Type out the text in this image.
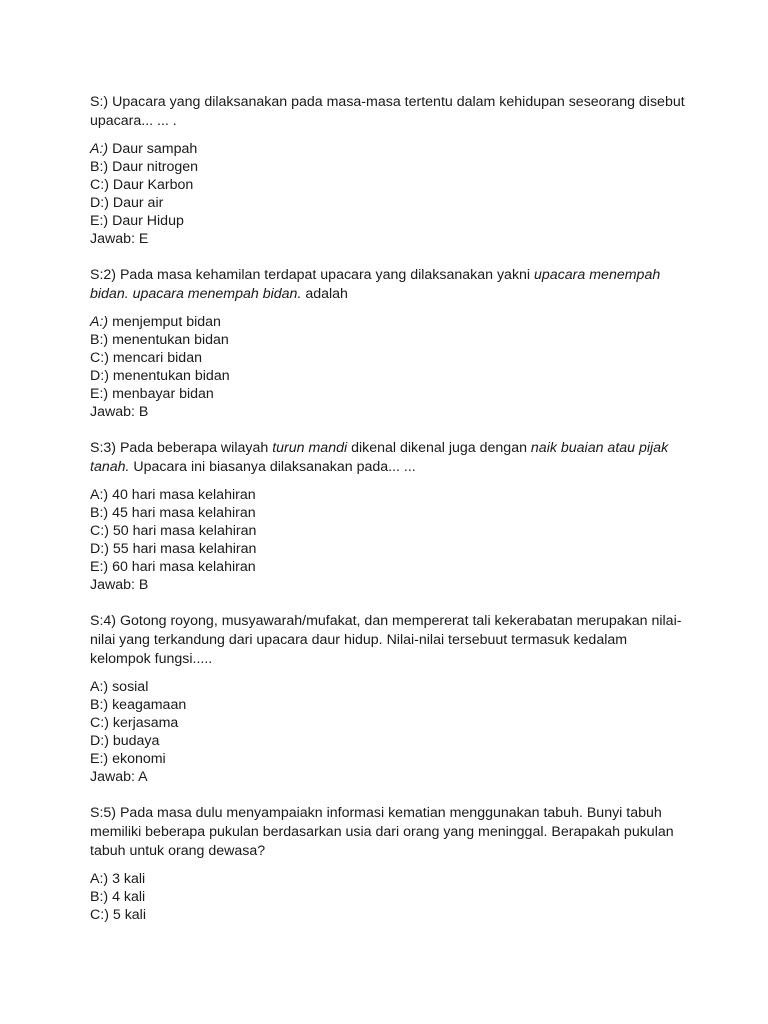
S:) Upacara yang dilaksanakan pada masa-masa tertentu dalam kehidupan seseorang disebut upacara... ... .

A:) Daur sampah
B:) Daur nitrogen
C:) Daur Karbon
D:) Daur air
E:) Daur Hidup
Jawab: E

S:2) Pada masa kehamilan terdapat upacara yang dilaksanakan yakni upacara menempah bidan. upacara menempah bidan. adalah

A:) menjemput bidan
B:) menentukan bidan
C:) mencari bidan
D:) menentukan bidan
E:) menbayar bidan
Jawab: B

S:3) Pada beberapa wilayah turun mandi dikenal dikenal juga dengan naik buaian atau pijak tanah. Upacara ini biasanya dilaksanakan pada... ...

A:) 40 hari masa kelahiran
B:) 45 hari masa kelahiran
C:) 50 hari masa kelahiran
D:) 55 hari masa kelahiran
E:) 60 hari masa kelahiran
Jawab: B

S:4) Gotong royong, musyawarah/mufakat, dan mempererat tali kekerabatan merupakan nilai-nilai yang terkandung dari upacara daur hidup. Nilai-nilai tersebuut termasuk kedalam kelompok fungsi.....

A:) sosial
B:) keagamaan
C:) kerjasama
D:) budaya
E:) ekonomi
Jawab: A

S:5) Pada masa dulu menyampaiakn informasi kematian menggunakan tabuh. Bunyi tabuh memiliki beberapa pukulan berdasarkan usia dari orang yang meninggal. Berapakah pukulan tabuh untuk orang dewasa?

A:) 3 kali
B:) 4 kali
C:) 5 kali
